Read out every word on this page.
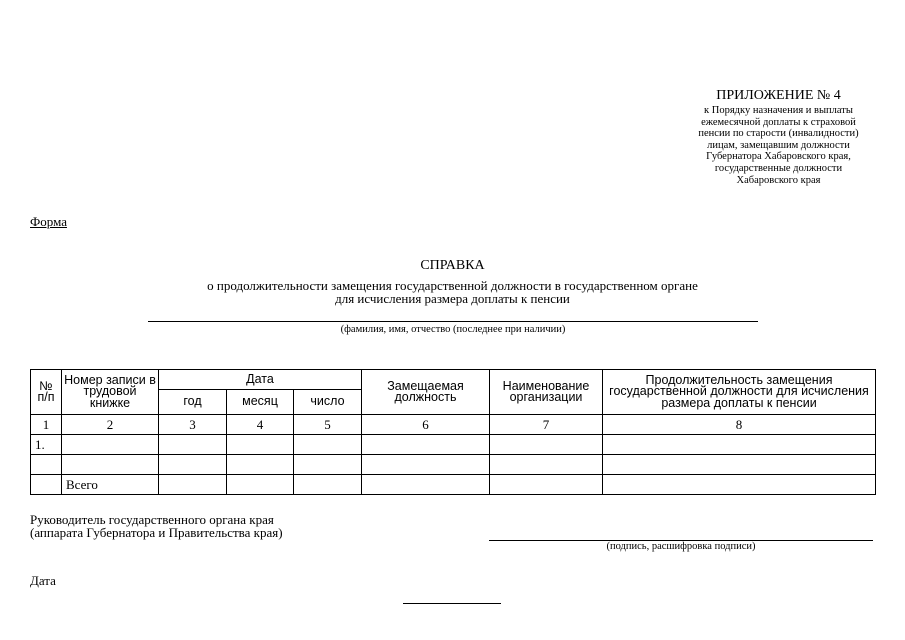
ПРИЛОЖЕНИЕ № 4
к Порядку назначения и выплаты
ежемесячной доплаты к страховой
пенсии по старости (инвалидности)
лицам, замещавшим должности
Губернатора Хабаровского края,
государственные должности
Хабаровского края
Форма
СПРАВКА
о продолжительности замещения государственной должности в государственном органе
для исчисления размера доплаты к пенсии
(фамилия, имя, отчество (последнее при наличии)
№
п/п	Номер записи в трудовой книжке	Дата			Замещаемая должность	Наименование организации	Продолжительность замещения государственной должности для исчисления размера доплаты к пенсии
		год	месяц	число			
1	2	3	4	5	6	7	8
1.							

	Всего						
Руководитель государственного органа края
(аппарата Губернатора и Правительства края)
(подпись, расшифровка подписи)
Дата
